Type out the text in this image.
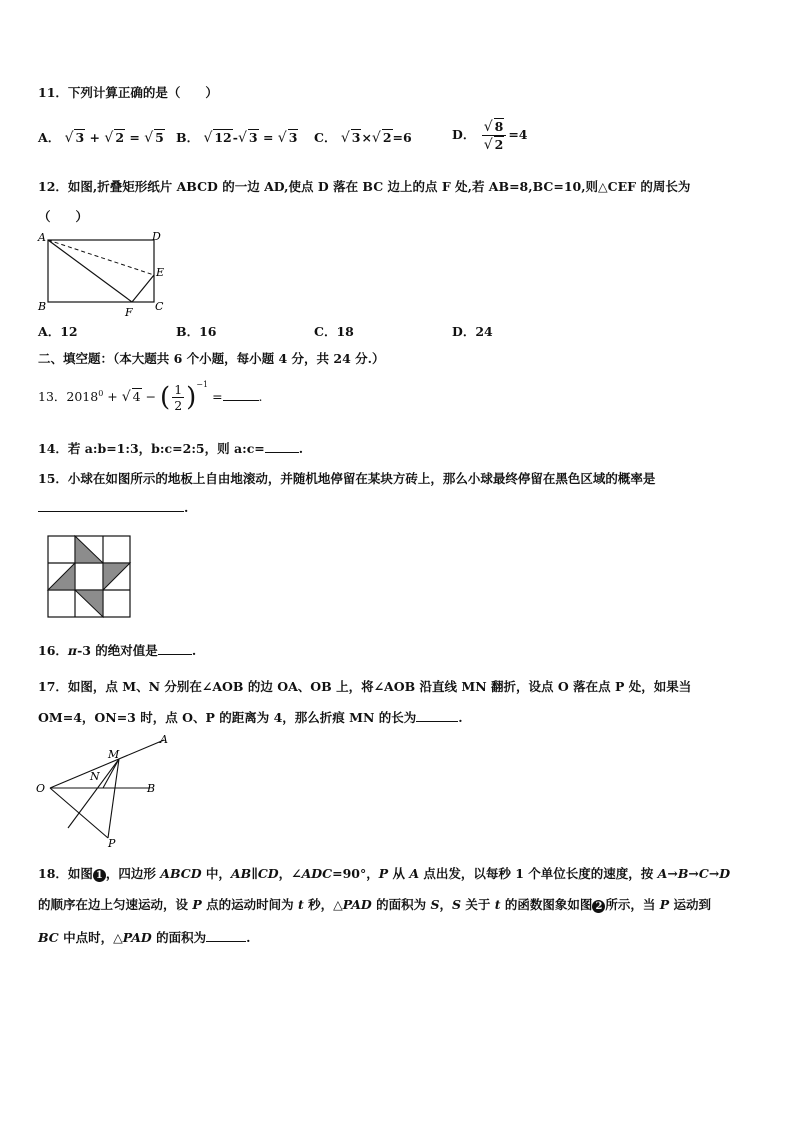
11．下列计算正确的是（　　）
A． √ 3 + √ 2 = √ 5 B． √ 12-√ 3 = √ 3 C． √ 3×√ 2=6	D． $\frac{√ 8}{√ 2} =4$
12．如图,折叠矩形纸片 ABCD 的一边 AD,使点 D 落在 BC 边上的点 F 处,若 AB=8,BC=10,则△CEF 的周长为
（　　）
A	D
E
B	C
F
A．12	B．16	C．18	D．24
二、填空题：（本大题共 6 个小题，每小题 4 分，共 24 分.）
13．$2018^0$ + √ 4 − ( $\frac{1}{2} )^{-1}$ =	.
14．若 a:b=1:3，b:c=2:5，则 a:c=	.
15．小球在如图所示的地板上自由地滚动，并随机地停留在某块方砖上，那么小球最终停留在黑色区域的概率是
.
16．π-3 的绝对值是	.
17．如图，点 M、N 分别在∠AOB 的边 OA、OB 上，将∠AOB 沿直线 MN 翻折，设点 O 落在点 P 处，如果当
OM=4，ON=3 时，点 O、P 的距离为 4，那么折痕 MN 的长为	.
O
A
B
M
N
P
18．如图 1 ，四边形 ABCD 中，AB∥CD，∠ADC=90°，P 从 A 点出发，以每秒 1 个单位长度的速度，按 A→B→C→D
的顺序在边上匀速运动，设 P 点的运动时间为 t 秒，△PAD 的面积为 S，S 关于 t 的函数图象如图 2 所示，当 P 运动到
BC 中点时，△PAD 的面积为	.
